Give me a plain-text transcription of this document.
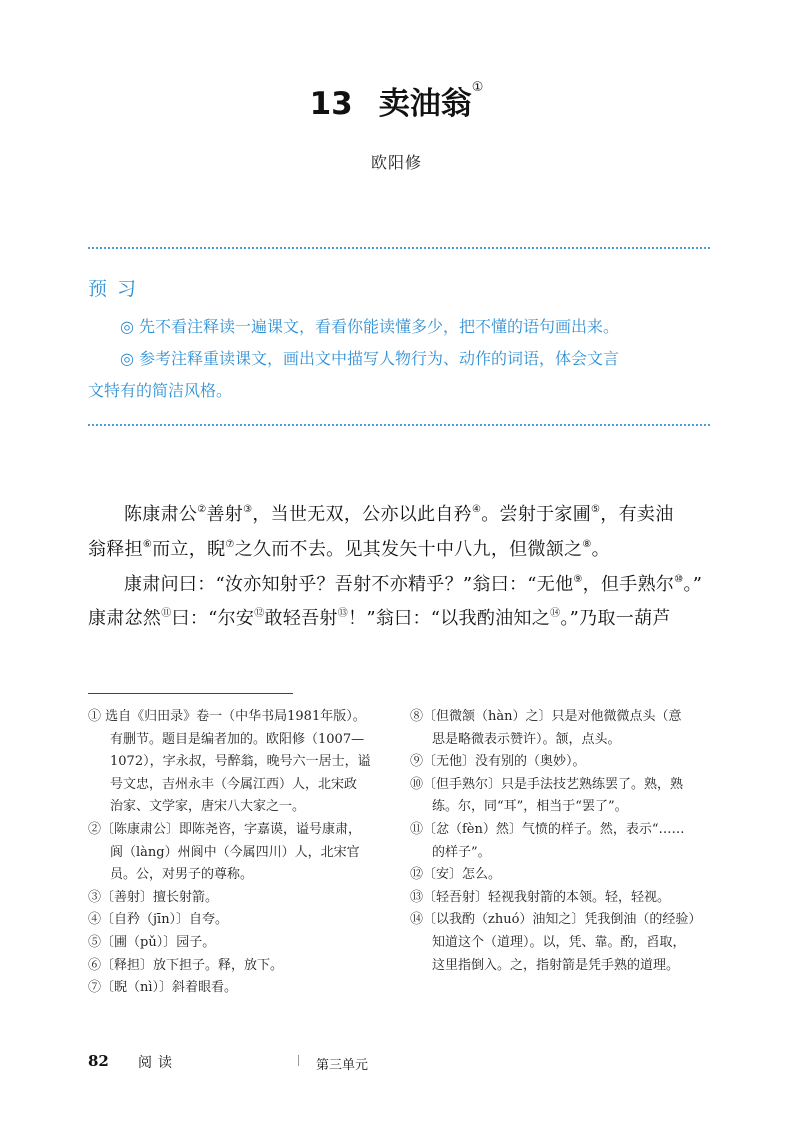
13 卖油翁①
欧阳修
预习
◎ 先不看注释读一遍课文，看看你能读懂多少，把不懂的语句画出来。
◎ 参考注释重读课文，画出文中描写人物行为、动作的词语，体会文言
文特有的简洁风格。
陈康肃公②善射③，当世无双，公亦以此自矜④。尝射于家圃⑤，有卖油
翁释担⑥而立，睨⑦之久而不去。见其发矢十中八九，但微颔之⑧。
康肃问曰：“汝亦知射乎？吾射不亦精乎？”翁曰：“无他⑨，但手熟尔⑩。”
康肃忿然⑪曰：“尔安⑫敢轻吾射⑬！”翁曰：“以我酌油知之⑭。”乃取一葫芦
① 选自《归田录》卷一（中华书局1981年版）。
有删节。题目是编者加的。欧阳修（1007—
1072），字永叔，号醉翁，晚号六一居士，谥
号文忠，吉州永丰（今属江西）人，北宋政
治家、文学家，唐宋八大家之一。
②〔陈康肃公〕即陈尧咨，字嘉谟，谥号康肃，
阆（làng）州阆中（今属四川）人，北宋官
员。公，对男子的尊称。
③〔善射〕擅长射箭。
④〔自矜（jīn）〕自夸。
⑤〔圃（pǔ）〕园子。
⑥〔释担〕放下担子。释，放下。
⑦〔睨（nì）〕斜着眼看。
⑧〔但微颔（hàn）之〕只是对他微微点头（意
思是略微表示赞许）。颔，点头。
⑨〔无他〕没有别的（奥妙）。
⑩〔但手熟尔〕只是手法技艺熟练罢了。熟，熟
练。尔，同“耳”，相当于“罢了”。
⑪〔忿（fèn）然〕气愤的样子。然，表示“……
的样子”。
⑫〔安〕怎么。
⑬〔轻吾射〕轻视我射箭的本领。轻，轻视。
⑭〔以我酌（zhuó）油知之〕凭我倒油（的经验）
知道这个（道理）。以，凭、靠。酌，舀取，
这里指倒入。之，指射箭是凭手熟的道理。
82 阅读	第三单元
